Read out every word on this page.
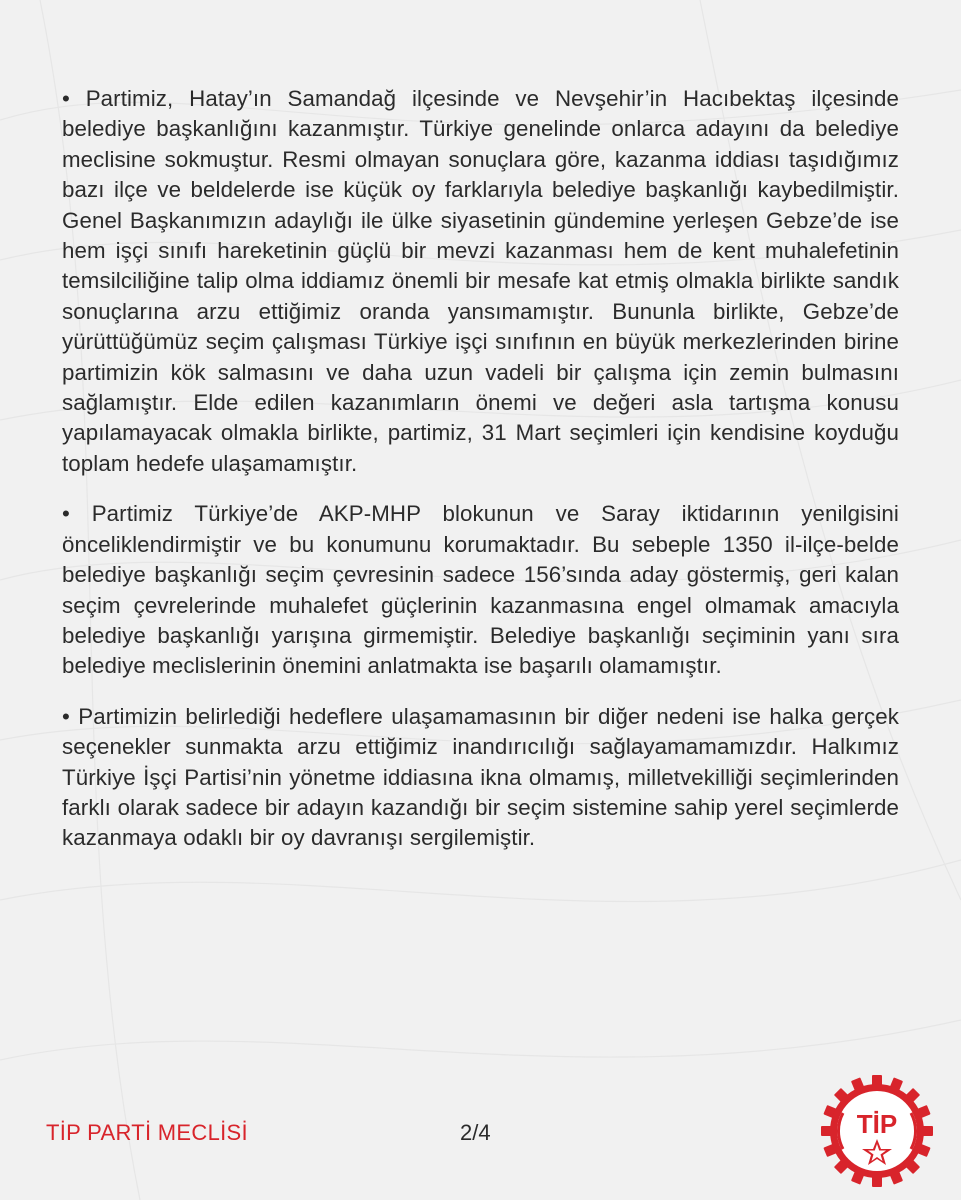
• Partimiz, Hatay’ın Samandağ ilçesinde ve Nevşehir’in Hacıbektaş ilçesinde belediye başkanlığını kazanmıştır. Türkiye genelinde onlarca adayını da belediye meclisine sokmuştur. Resmi olmayan sonuçlara göre, kazanma iddiası taşıdığımız bazı ilçe ve beldelerde ise küçük oy farklarıyla belediye başkanlığı kaybedilmiştir. Genel Başkanımızın adaylığı ile ülke siyasetinin gündemine yerleşen Gebze’de ise hem işçi sınıfı hareketinin güçlü bir mevzi kazanması hem de kent muhalefetinin temsilciliğine talip olma iddiamız önemli bir mesafe kat etmiş olmakla birlikte sandık sonuçlarına arzu ettiğimiz oranda yansımamıştır. Bununla birlikte, Gebze’de yürüttüğümüz seçim çalışması Türkiye işçi sınıfının en büyük merkezlerinden birine partimizin kök salmasını ve daha uzun vadeli bir çalışma için zemin bulmasını sağlamıştır. Elde edilen kazanımların önemi ve değeri asla tartışma konusu yapılamayacak olmakla birlikte, partimiz, 31 Mart seçimleri için kendisine koyduğu toplam hedefe ulaşamamıştır.

• Partimiz Türkiye’de AKP-MHP blokunun ve Saray iktidarının yenilgisini önceliklendirmiştir ve bu konumunu korumaktadır. Bu sebeple 1350 il-ilçe-belde belediye başkanlığı seçim çevresinin sadece 156’sında aday göstermiş, geri kalan seçim çevrelerinde muhalefet güçlerinin kazanmasına engel olmamak amacıyla belediye başkanlığı yarışına girmemiştir. Belediye başkanlığı seçiminin yanı sıra belediye meclislerinin önemini anlatmakta ise başarılı olamamıştır.

• Partimizin belirlediği hedeflere ulaşamamasının bir diğer nedeni ise halka gerçek seçenekler sunmakta arzu ettiğimiz inandırıcılığı sağlayamamamızdır. Halkımız Türkiye İşçi Partisi’nin yönetme iddiasına ikna olmamış, milletvekilliği seçimlerinden farklı olarak sadece bir adayın kazandığı bir seçim sistemine sahip yerel seçimlerde kazanmaya odaklı bir oy davranışı sergilemiştir.

TİP PARTİ MECLİSİ	2/4	TİP
